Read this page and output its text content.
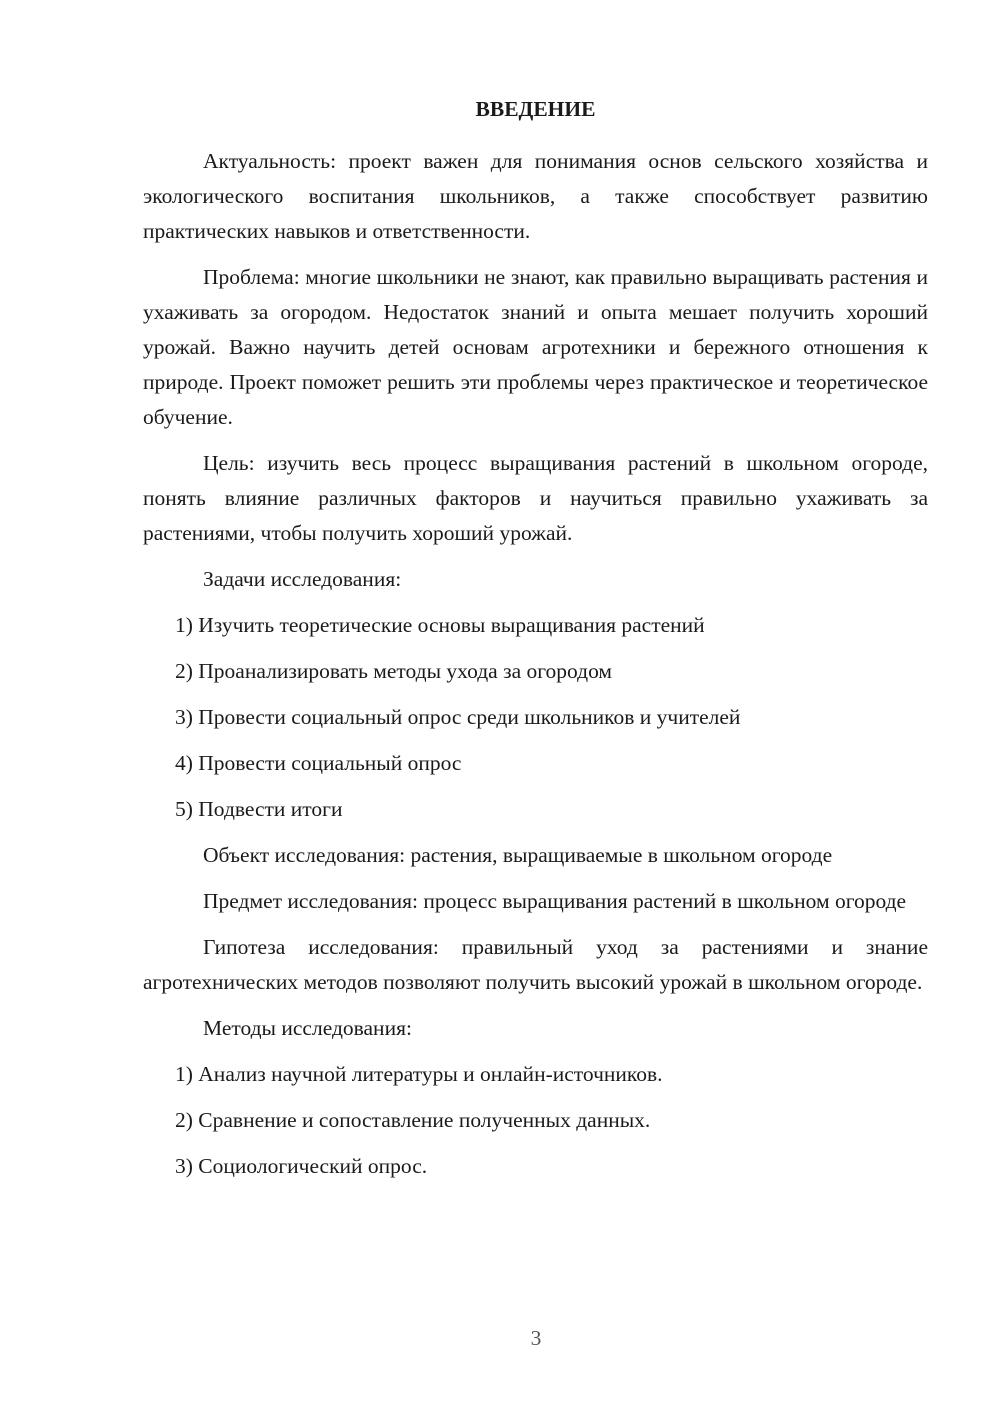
ВВЕДЕНИЕ

Актуальность: проект важен для понимания основ сельского хозяйства и экологического воспитания школьников, а также способствует развитию практических навыков и ответственности.

Проблема: многие школьники не знают, как правильно выращивать растения и ухаживать за огородом. Недостаток знаний и опыта мешает получить хороший урожай. Важно научить детей основам агротехники и бережного отношения к природе. Проект поможет решить эти проблемы через практическое и теоретическое обучение.

Цель: изучить весь процесс выращивания растений в школьном огороде, понять влияние различных факторов и научиться правильно ухаживать за растениями, чтобы получить хороший урожай.

Задачи исследования:

1) Изучить теоретические основы выращивания растений
2) Проанализировать методы ухода за огородом
3) Провести социальный опрос среди школьников и учителей
4) Провести социальный опрос
5) Подвести итоги

Объект исследования: растения, выращиваемые в школьном огороде

Предмет исследования: процесс выращивания растений в школьном огороде

Гипотеза исследования: правильный уход за растениями и знание агротехнических методов позволяют получить высокий урожай в школьном огороде.

Методы исследования:

1) Анализ научной литературы и онлайн-источников.
2) Сравнение и сопоставление полученных данных.
3) Социологический опрос.
3
